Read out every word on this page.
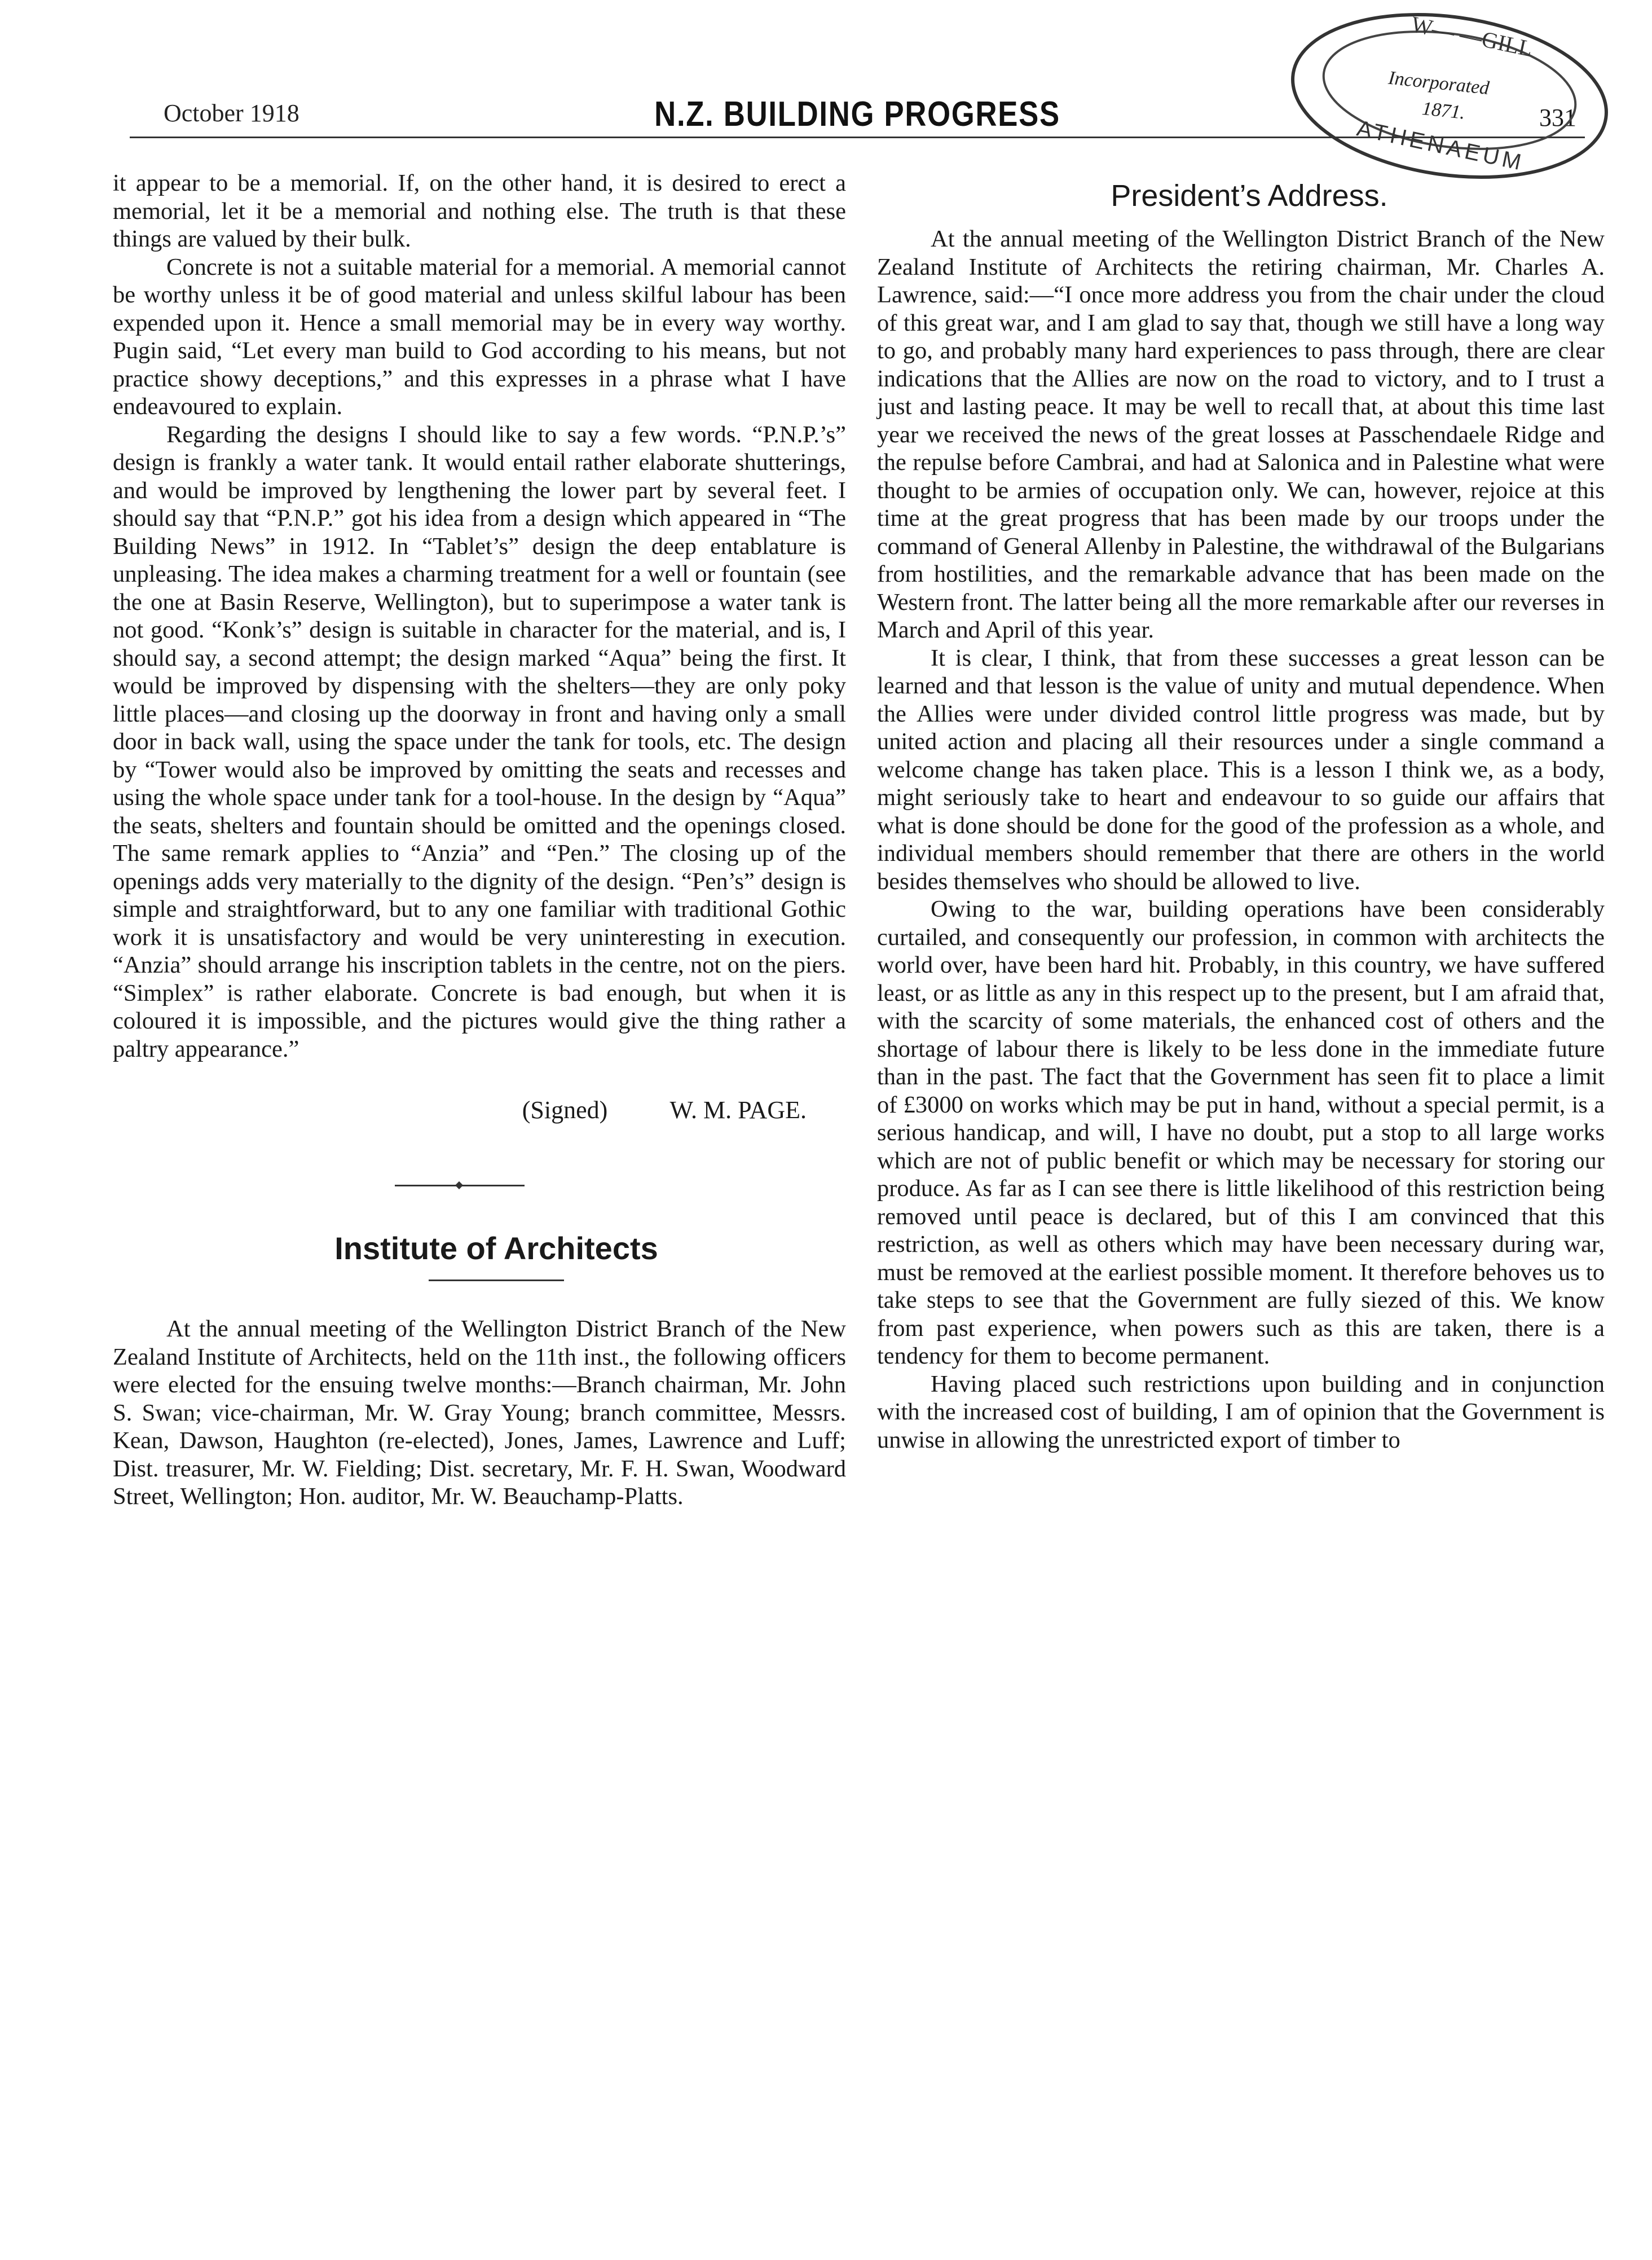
October 1918	N.Z. BUILDING PROGRESS	331
W— —GILL
Incorporated
1871.
ATHENAEUM

it appear to be a memorial. If, on the other hand, it is desired to erect a memorial, let it be a memorial and nothing else. The truth is that these things are valued by their bulk.

Concrete is not a suitable material for a memorial. A memorial cannot be worthy unless it be of good material and unless skilful labour has been expended upon it. Hence a small memorial may be in every way worthy. Pugin said, “Let every man build to God according to his means, but not practice showy deceptions,” and this expresses in a phrase what I have endeavoured to explain.

Regarding the designs I should like to say a few words. “P.N.P.’s” design is frankly a water tank. It would entail rather elaborate shutterings, and would be improved by lengthening the lower part by several feet. I should say that “P.N.P.” got his idea from a design which appeared in “The Building News” in 1912. In “Tablet’s” design the deep entablature is unpleasing. The idea makes a charming treatment for a well or fountain (see the one at Basin Reserve, Wellington), but to superimpose a water tank is not good. “Konk’s” design is suitable in character for the material, and is, I should say, a second attempt; the design marked “Aqua” being the first. It would be improved by dispensing with the shelters—they are only poky little places—and closing up the doorway in front and having only a small door in back wall, using the space under the tank for tools, etc. The design by “Tower would also be improved by omitting the seats and recesses and using the whole space under tank for a tool-house. In the design by “Aqua” the seats, shelters and fountain should be omitted and the openings closed. The same remark applies to “Anzia” and “Pen.” The closing up of the openings adds very materially to the dignity of the design. “Pen’s” design is simple and straightforward, but to any one familiar with traditional Gothic work it is unsatisfactory and would be very uninteresting in execution. “Anzia” should arrange his inscription tablets in the centre, not on the piers. “Simplex” is rather elaborate. Concrete is bad enough, but when it is coloured it is impossible, and the pictures would give the thing rather a paltry appearance.”

(Signed)	W. M. PAGE.
Institute of Architects

At the annual meeting of the Wellington District Branch of the New Zealand Institute of Architects, held on the 11th inst., the following officers were elected for the ensuing twelve months:—Branch chairman, Mr. John S. Swan; vice-chairman, Mr. W. Gray Young; branch committee, Messrs. Kean, Dawson, Haughton (re-elected), Jones, James, Lawrence and Luff; Dist. treasurer, Mr. W. Fielding; Dist. secretary, Mr. F. H. Swan, Woodward Street, Wellington; Hon. auditor, Mr. W. Beauchamp-Platts.

President’s Address.

At the annual meeting of the Wellington District Branch of the New Zealand Institute of Architects the retiring chairman, Mr. Charles A. Lawrence, said:—“I once more address you from the chair under the cloud of this great war, and I am glad to say that, though we still have a long way to go, and probably many hard experiences to pass through, there are clear indications that the Allies are now on the road to victory, and to I trust a just and lasting peace. It may be well to recall that, at about this time last year we received the news of the great losses at Passchendaele Ridge and the repulse before Cambrai, and had at Salonica and in Palestine what were thought to be armies of occupation only. We can, however, rejoice at this time at the great progress that has been made by our troops under the command of General Allenby in Palestine, the withdrawal of the Bulgarians from hostilities, and the remarkable advance that has been made on the Western front. The latter being all the more remarkable after our reverses in March and April of this year.

It is clear, I think, that from these successes a great lesson can be learned and that lesson is the value of unity and mutual dependence. When the Allies were under divided control little progress was made, but by united action and placing all their resources under a single command a welcome change has taken place. This is a lesson I think we, as a body, might seriously take to heart and endeavour to so guide our affairs that what is done should be done for the good of the profession as a whole, and individual members should remember that there are others in the world besides themselves who should be allowed to live.

Owing to the war, building operations have been considerably curtailed, and consequently our profession, in common with architects the world over, have been hard hit. Probably, in this country, we have suffered least, or as little as any in this respect up to the present, but I am afraid that, with the scarcity of some materials, the enhanced cost of others and the shortage of labour there is likely to be less done in the immediate future than in the past. The fact that the Government has seen fit to place a limit of £3000 on works which may be put in hand, without a special permit, is a serious handicap, and will, I have no doubt, put a stop to all large works which are not of public benefit or which may be necessary for storing our produce. As far as I can see there is little likelihood of this restriction being removed until peace is declared, but of this I am convinced that this restriction, as well as others which may have been necessary during war, must be removed at the earliest possible moment. It therefore behoves us to take steps to see that the Government are fully siezed of this. We know from past experience, when powers such as this are taken, there is a tendency for them to become permanent.

Having placed such restrictions upon building and in conjunction with the increased cost of building, I am of opinion that the Government is unwise in allowing the unrestricted export of timber to
